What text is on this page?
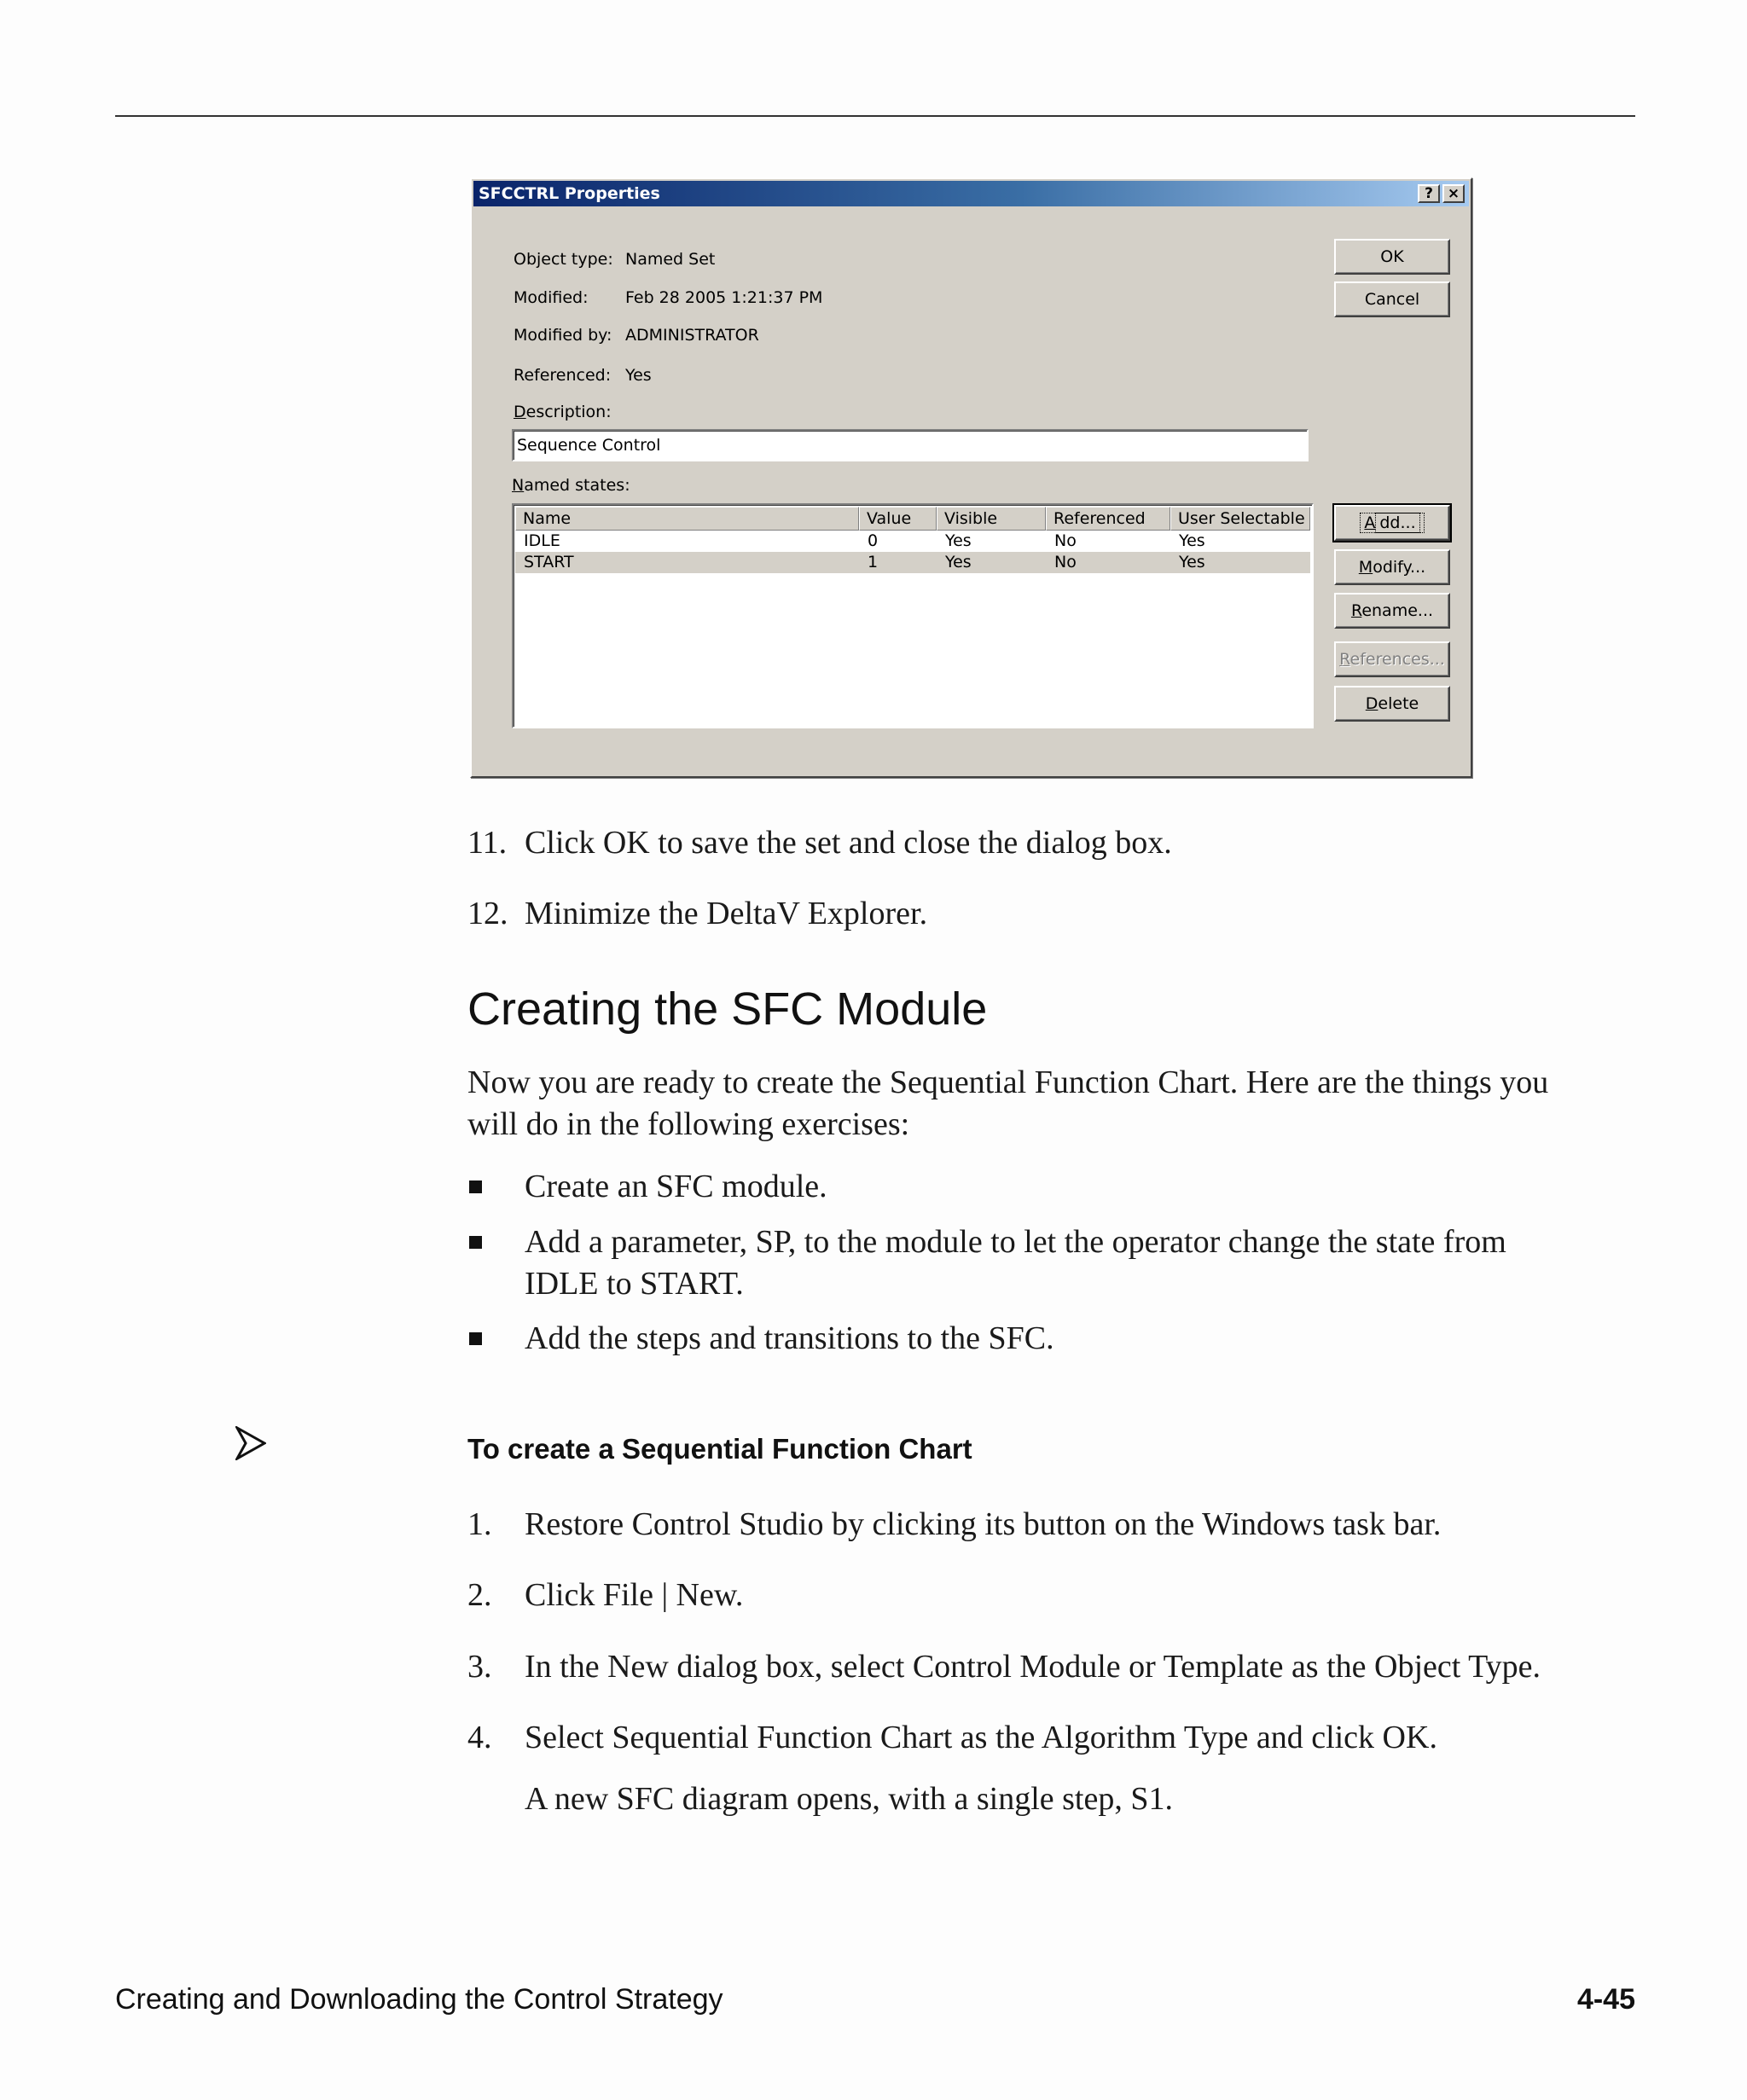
SFCCTRL Properties	? ×
Object type: Named Set
Modified: Feb 28 2005 1:21:37 PM
Modified by: ADMINISTRATOR
Referenced: Yes
Description:
Sequence Control
Named states:
Name	Value	Visible	Referenced	User Selectable
IDLE	0	Yes	No	Yes
START	1	Yes	No	Yes
OK
Cancel
A dd...
Modify...
Rename...
References...
Delete
11. Click OK to save the set and close the dialog box.
12. Minimize the DeltaV Explorer.
Creating the SFC Module
Now you are ready to create the Sequential Function Chart. Here are the things you
will do in the following exercises:
Create an SFC module.
Add a parameter, SP, to the module to let the operator change the state from
IDLE to START.
Add the steps and transitions to the SFC.
To create a Sequential Function Chart
1. Restore Control Studio by clicking its button on the Windows task bar.
2. Click File | New.
3. In the New dialog box, select Control Module or Template as the Object Type.
4. Select Sequential Function Chart as the Algorithm Type and click OK.
A new SFC diagram opens, with a single step, S1.
Creating and Downloading the Control Strategy	4-45
